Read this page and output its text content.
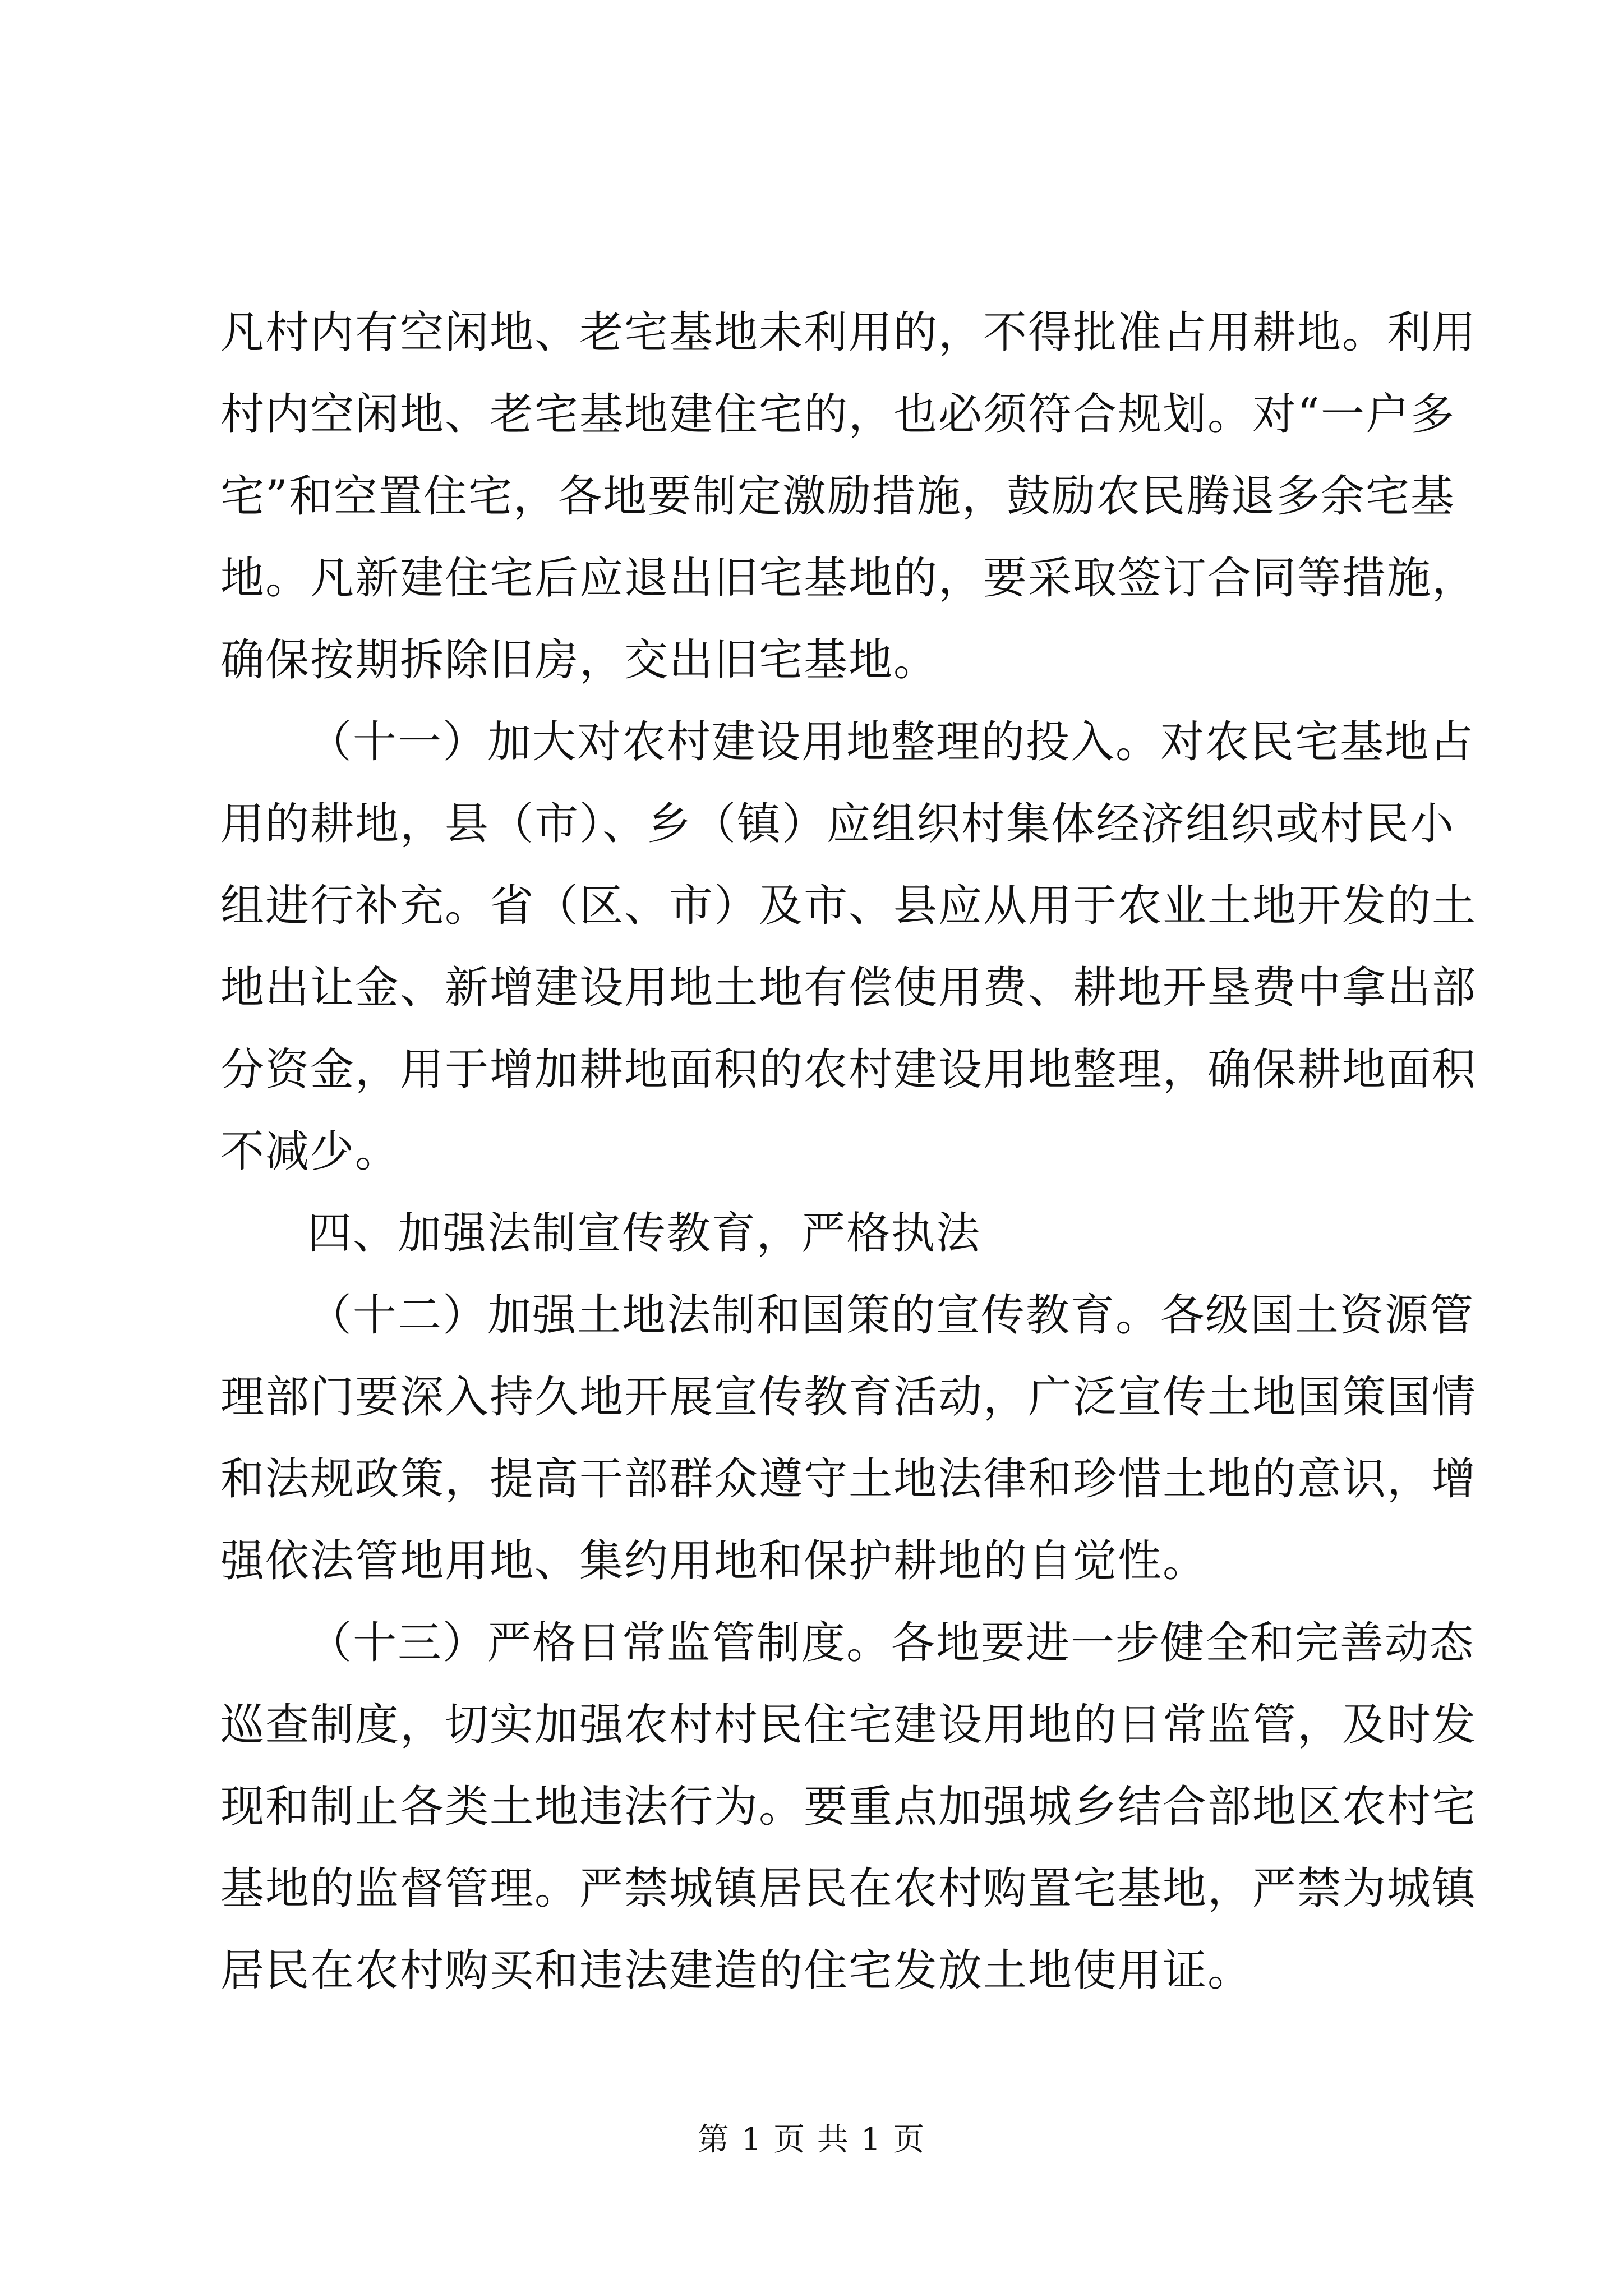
凡村内有空闲地、老宅基地未利用的，不得批准占用耕地。利用
村内空闲地、老宅基地建住宅的，也必须符合规划。对“一户多
宅”和空置住宅，各地要制定激励措施，鼓励农民腾退多余宅基
地。凡新建住宅后应退出旧宅基地的，要采取签订合同等措施，
确保按期拆除旧房，交出旧宅基地。

（十一）加大对农村建设用地整理的投入。对农民宅基地占
用的耕地，县（市）、乡（镇）应组织村集体经济组织或村民小
组进行补充。省（区、市）及市、县应从用于农业土地开发的土
地出让金、新增建设用地土地有偿使用费、耕地开垦费中拿出部
分资金，用于增加耕地面积的农村建设用地整理，确保耕地面积
不减少。

四、加强法制宣传教育，严格执法

（十二）加强土地法制和国策的宣传教育。各级国土资源管
理部门要深入持久地开展宣传教育活动，广泛宣传土地国策国情
和法规政策，提高干部群众遵守土地法律和珍惜土地的意识，增
强依法管地用地、集约用地和保护耕地的自觉性。

（十三）严格日常监管制度。各地要进一步健全和完善动态
巡查制度，切实加强农村村民住宅建设用地的日常监管，及时发
现和制止各类土地违法行为。要重点加强城乡结合部地区农村宅
基地的监督管理。严禁城镇居民在农村购置宅基地，严禁为城镇
居民在农村购买和违法建造的住宅发放土地使用证。

第 1 页 共 1 页
